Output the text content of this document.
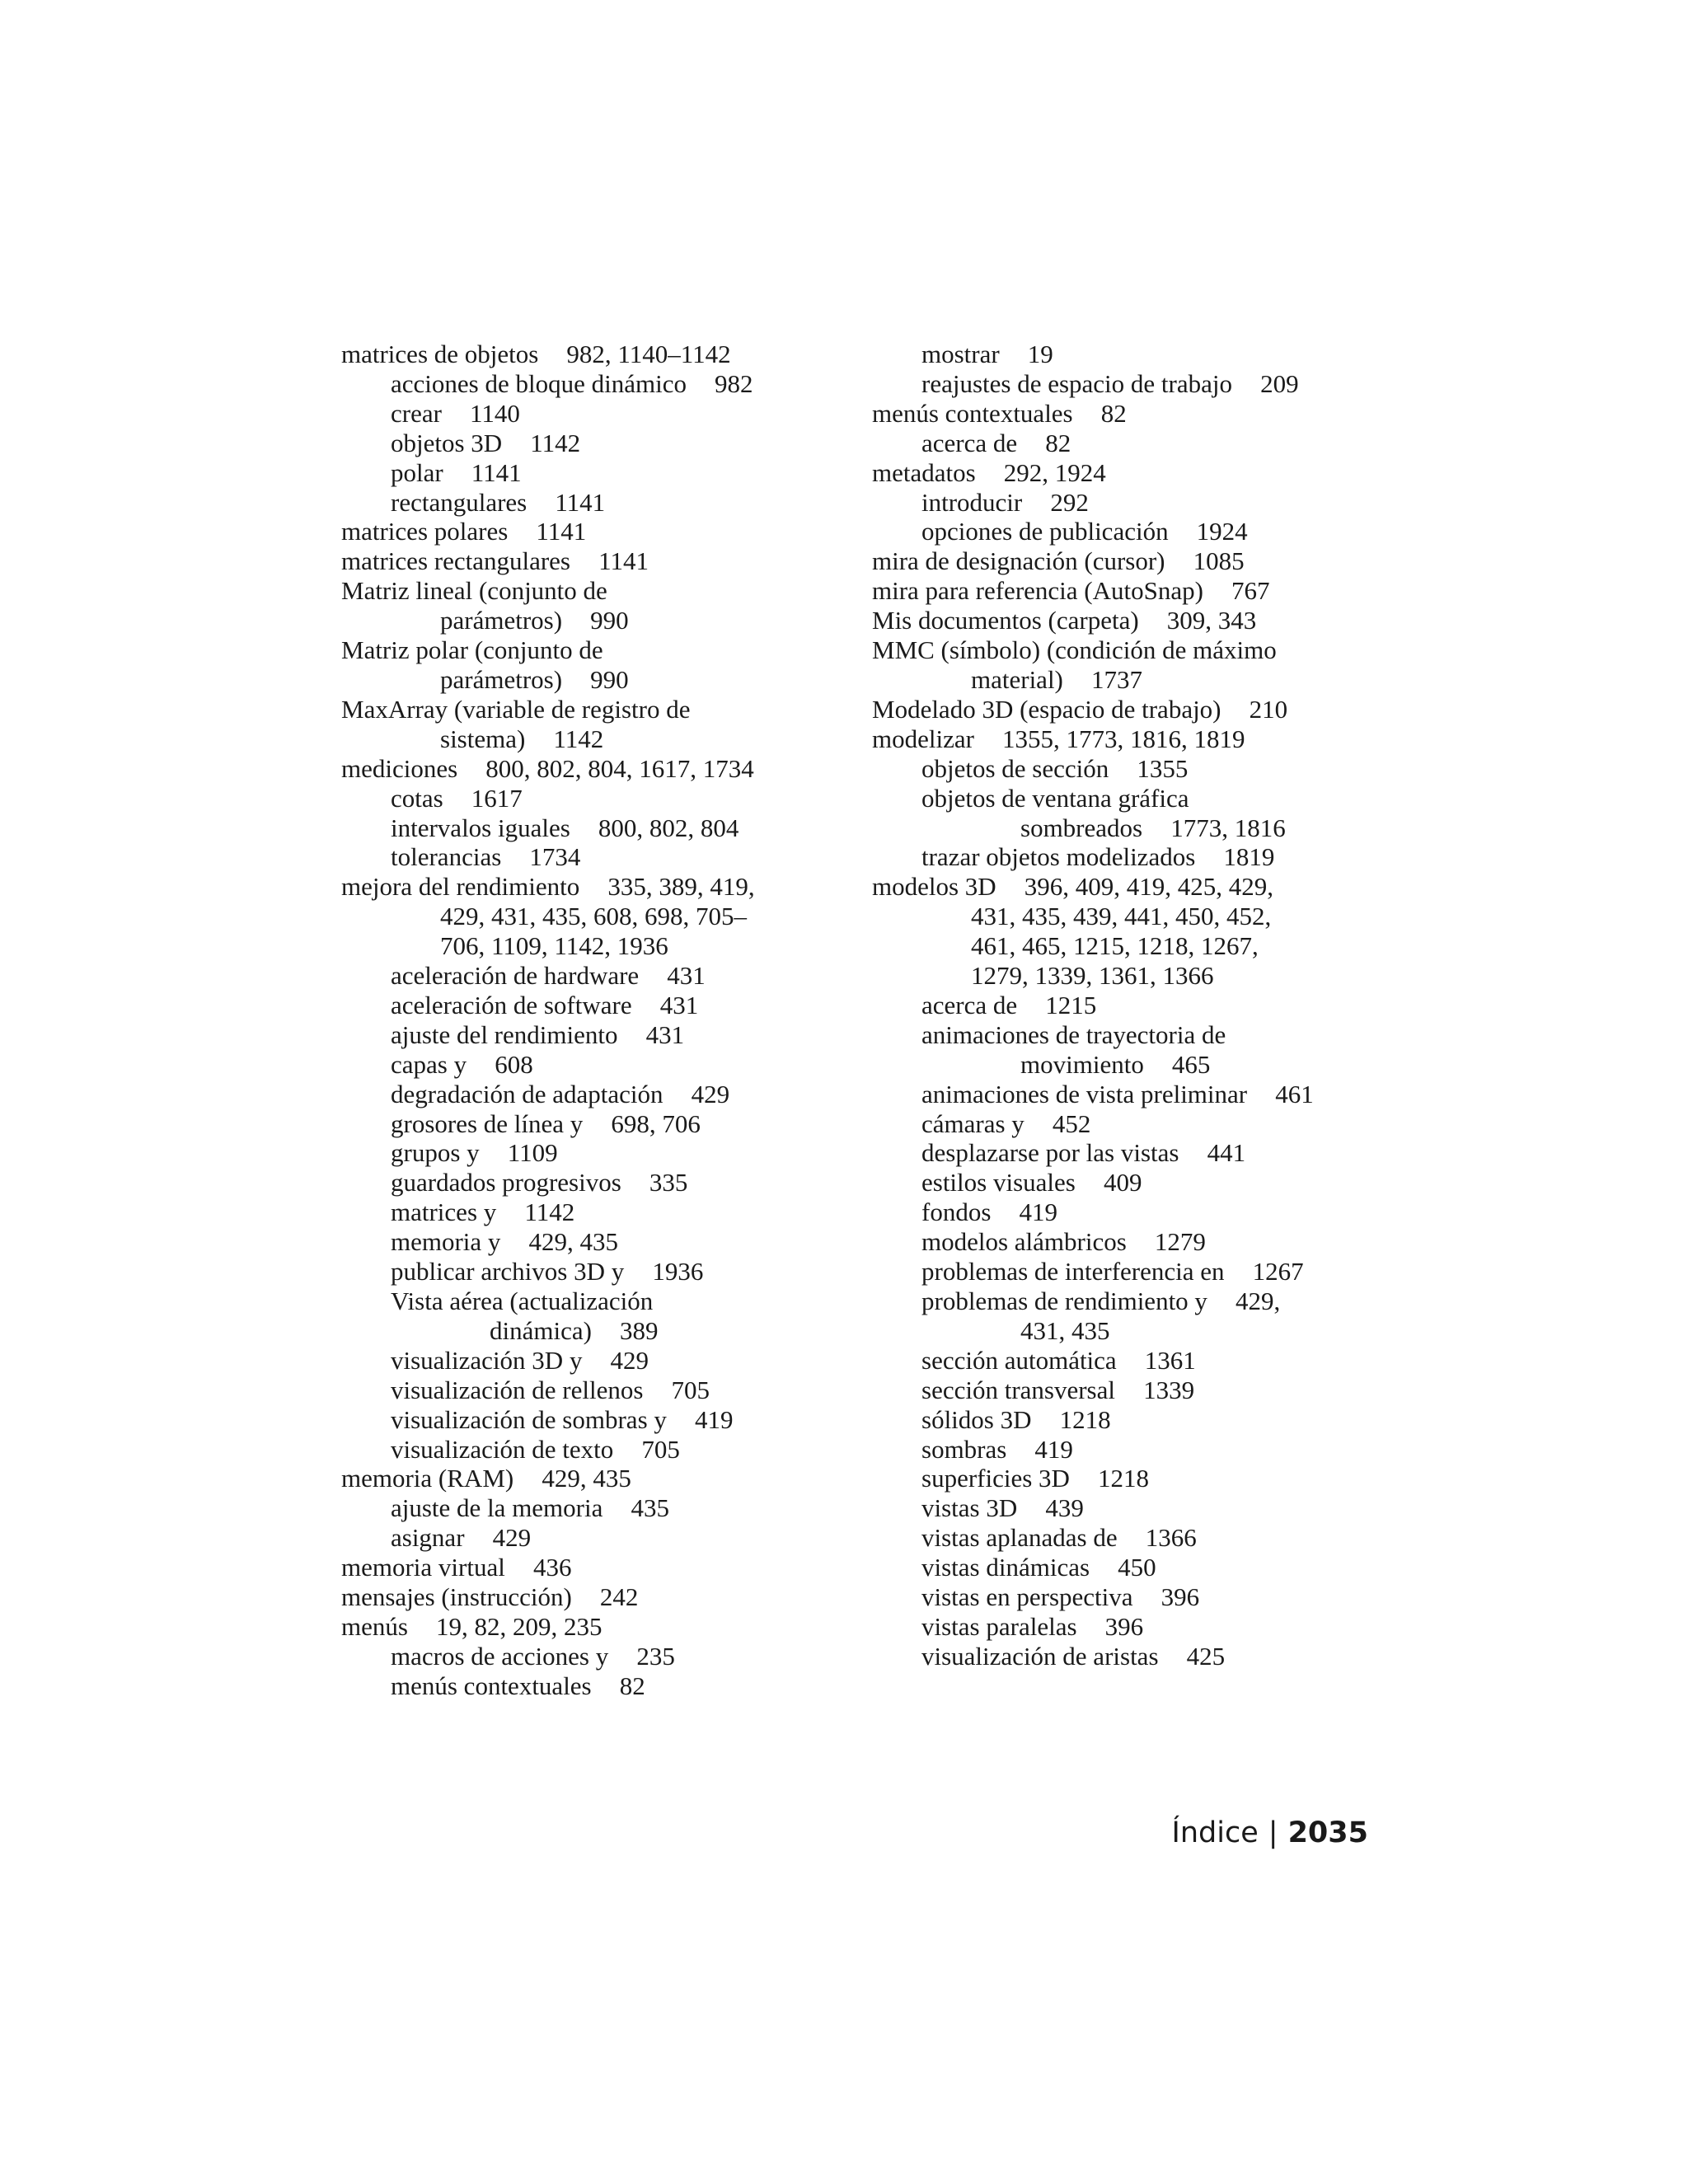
matrices de objetos 982, 1140–1142
acciones de bloque dinámico 982
crear 1140
objetos 3D 1142
polar 1141
rectangulares 1141
matrices polares 1141
matrices rectangulares 1141
Matriz lineal (conjunto de
parámetros) 990
Matriz polar (conjunto de
parámetros) 990
MaxArray (variable de registro de
sistema) 1142
mediciones 800, 802, 804, 1617, 1734
cotas 1617
intervalos iguales 800, 802, 804
tolerancias 1734
mejora del rendimiento 335, 389, 419,
429, 431, 435, 608, 698, 705–
706, 1109, 1142, 1936
aceleración de hardware 431
aceleración de software 431
ajuste del rendimiento 431
capas y 608
degradación de adaptación 429
grosores de línea y 698, 706
grupos y 1109
guardados progresivos 335
matrices y 1142
memoria y 429, 435
publicar archivos 3D y 1936
Vista aérea (actualización
dinámica) 389
visualización 3D y 429
visualización de rellenos 705
visualización de sombras y 419
visualización de texto 705
memoria (RAM) 429, 435
ajuste de la memoria 435
asignar 429
memoria virtual 436
mensajes (instrucción) 242
menús 19, 82, 209, 235
macros de acciones y 235
menús contextuales 82
mostrar 19
reajustes de espacio de trabajo 209
menús contextuales 82
acerca de 82
metadatos 292, 1924
introducir 292
opciones de publicación 1924
mira de designación (cursor) 1085
mira para referencia (AutoSnap) 767
Mis documentos (carpeta) 309, 343
MMC (símbolo) (condición de máximo
material) 1737
Modelado 3D (espacio de trabajo) 210
modelizar 1355, 1773, 1816, 1819
objetos de sección 1355
objetos de ventana gráfica
sombreados 1773, 1816
trazar objetos modelizados 1819
modelos 3D 396, 409, 419, 425, 429,
431, 435, 439, 441, 450, 452,
461, 465, 1215, 1218, 1267,
1279, 1339, 1361, 1366
acerca de 1215
animaciones de trayectoria de
movimiento 465
animaciones de vista preliminar 461
cámaras y 452
desplazarse por las vistas 441
estilos visuales 409
fondos 419
modelos alámbricos 1279
problemas de interferencia en 1267
problemas de rendimiento y 429,
431, 435
sección automática 1361
sección transversal 1339
sólidos 3D 1218
sombras 419
superficies 3D 1218
vistas 3D 439
vistas aplanadas de 1366
vistas dinámicas 450
vistas en perspectiva 396
vistas paralelas 396
visualización de aristas 425
Índice | 2035
